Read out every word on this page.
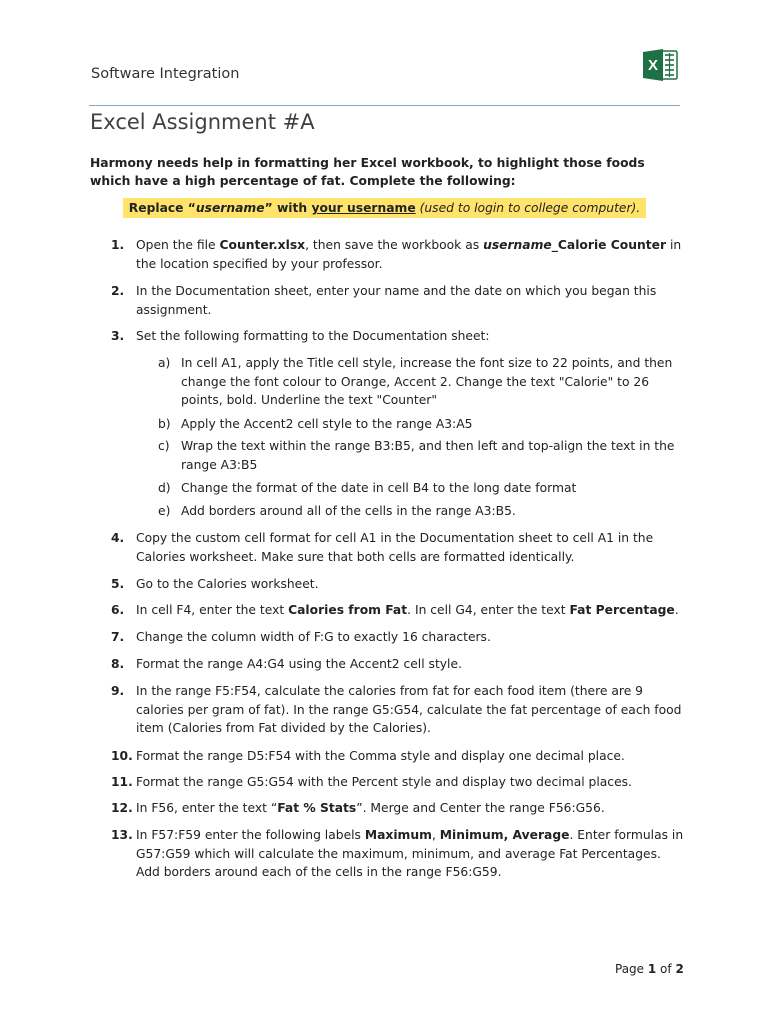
Software Integration	X
Excel Assignment #A
Harmony needs help in formatting her Excel workbook, to highlight those foods which have a high percentage of fat. Complete the following:
Replace “username” with your username (used to login to college computer).
1. Open the file Counter.xlsx, then save the workbook as username_Calorie Counter in the location specified by your professor.
2. In the Documentation sheet, enter your name and the date on which you began this assignment.
3. Set the following formatting to the Documentation sheet:
a) In cell A1, apply the Title cell style, increase the font size to 22 points, and then change the font colour to Orange, Accent 2. Change the text "Calorie" to 26 points, bold. Underline the text "Counter"
b) Apply the Accent2 cell style to the range A3:A5
c) Wrap the text within the range B3:B5, and then left and top-align the text in the range A3:B5
d) Change the format of the date in cell B4 to the long date format
e) Add borders around all of the cells in the range A3:B5.
4. Copy the custom cell format for cell A1 in the Documentation sheet to cell A1 in the Calories worksheet. Make sure that both cells are formatted identically.
5. Go to the Calories worksheet.
6. In cell F4, enter the text Calories from Fat. In cell G4, enter the text Fat Percentage.
7. Change the column width of F:G to exactly 16 characters.
8. Format the range A4:G4 using the Accent2 cell style.
9. In the range F5:F54, calculate the calories from fat for each food item (there are 9 calories per gram of fat). In the range G5:G54, calculate the fat percentage of each food item (Calories from Fat divided by the Calories).
10. Format the range D5:F54 with the Comma style and display one decimal place.
11. Format the range G5:G54 with the Percent style and display two decimal places.
12. In F56, enter the text “Fat % Stats”. Merge and Center the range F56:G56.
13. In F57:F59 enter the following labels Maximum, Minimum, Average. Enter formulas in G57:G59 which will calculate the maximum, minimum, and average Fat Percentages. Add borders around each of the cells in the range F56:G59.
Page 1 of 2
